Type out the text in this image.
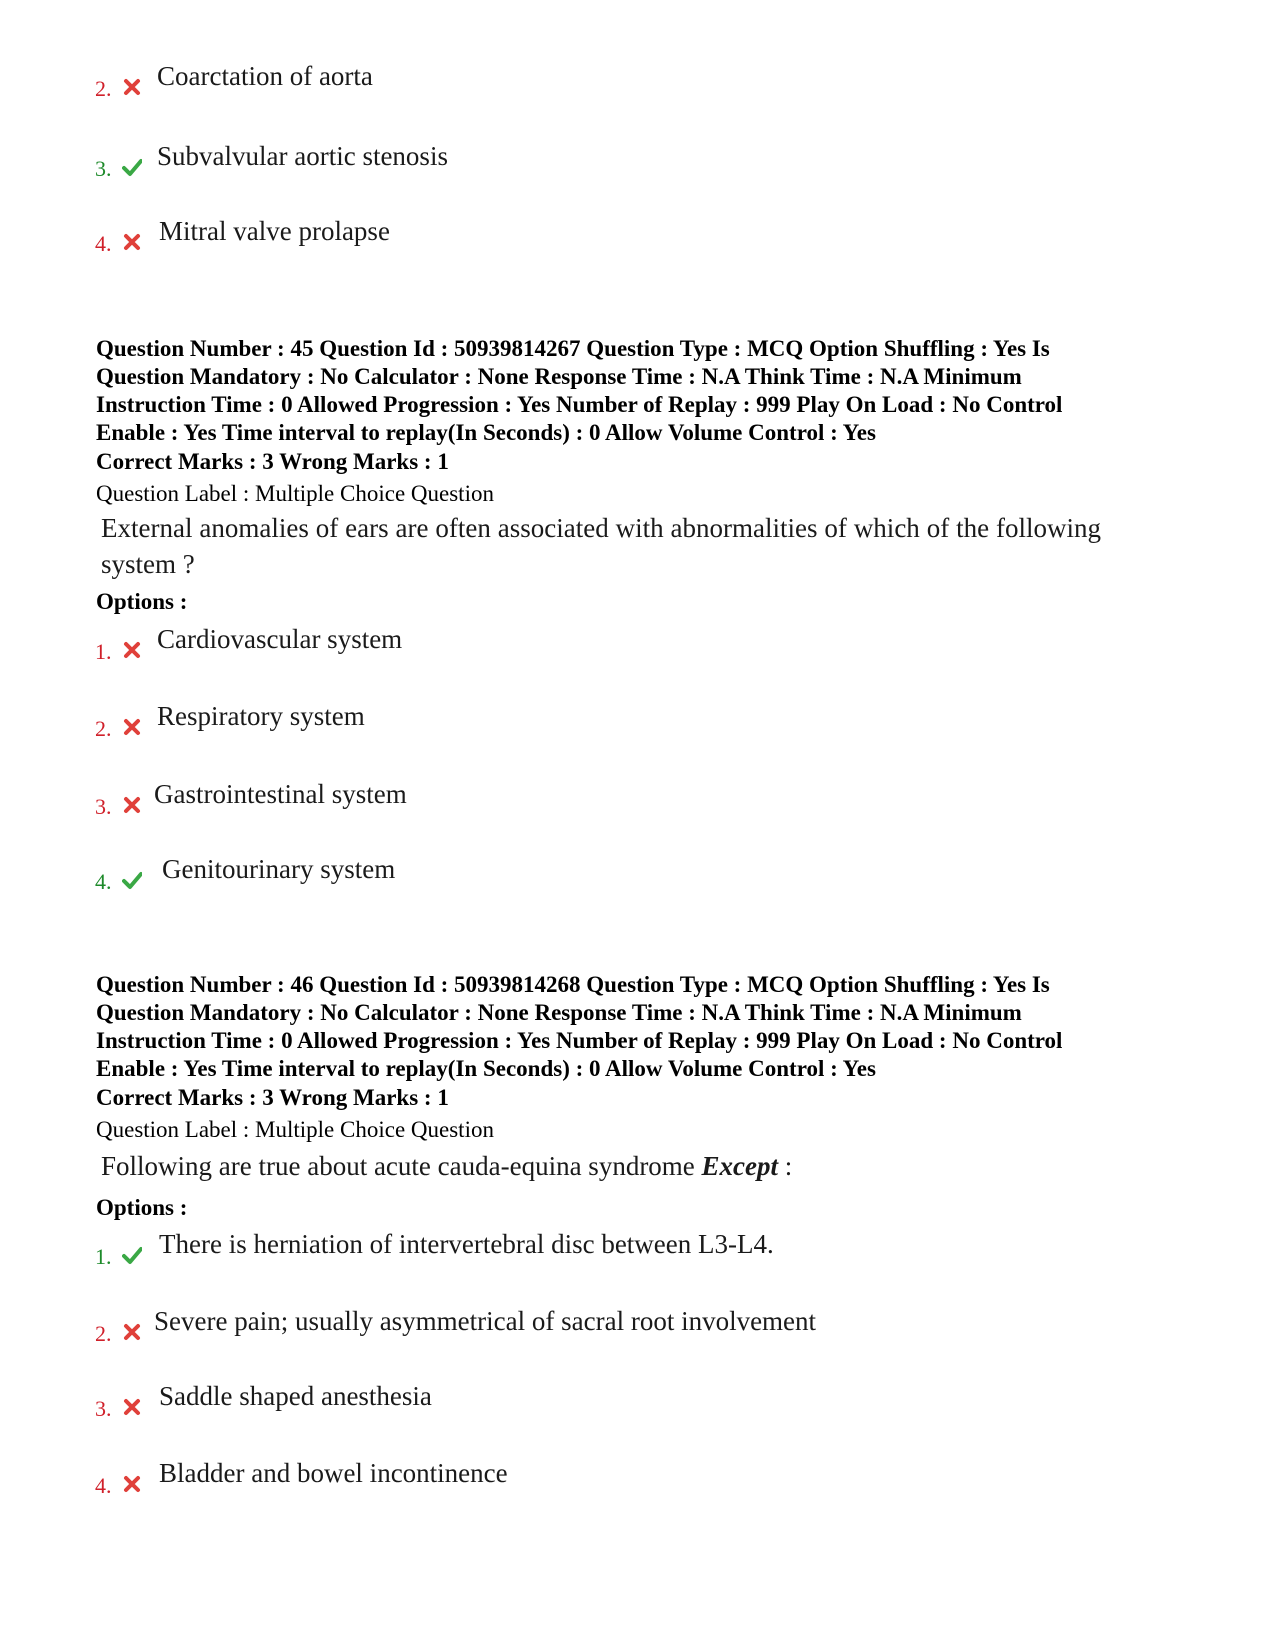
2. Coarctation of aorta
3. Subvalvular aortic stenosis
4. Mitral valve prolapse
Question Number : 45 Question Id : 50939814267 Question Type : MCQ Option Shuffling : Yes Is
Question Mandatory : No Calculator : None Response Time : N.A Think Time : N.A Minimum
Instruction Time : 0 Allowed Progression : Yes Number of Replay : 999 Play On Load : No Control
Enable : Yes Time interval to replay(In Seconds) : 0 Allow Volume Control : Yes
Correct Marks : 3 Wrong Marks : 1
Question Label : Multiple Choice Question
External anomalies of ears are often associated with abnormalities of which of the following system ?
Options :
1. Cardiovascular system
2. Respiratory system
3. Gastrointestinal system
4. Genitourinary system
Question Number : 46 Question Id : 50939814268 Question Type : MCQ Option Shuffling : Yes Is
Question Mandatory : No Calculator : None Response Time : N.A Think Time : N.A Minimum
Instruction Time : 0 Allowed Progression : Yes Number of Replay : 999 Play On Load : No Control
Enable : Yes Time interval to replay(In Seconds) : 0 Allow Volume Control : Yes
Correct Marks : 3 Wrong Marks : 1
Question Label : Multiple Choice Question
Following are true about acute cauda-equina syndrome Except :
Options :
1. There is herniation of intervertebral disc between L3-L4.
2. Severe pain; usually asymmetrical of sacral root involvement
3. Saddle shaped anesthesia
4. Bladder and bowel incontinence
